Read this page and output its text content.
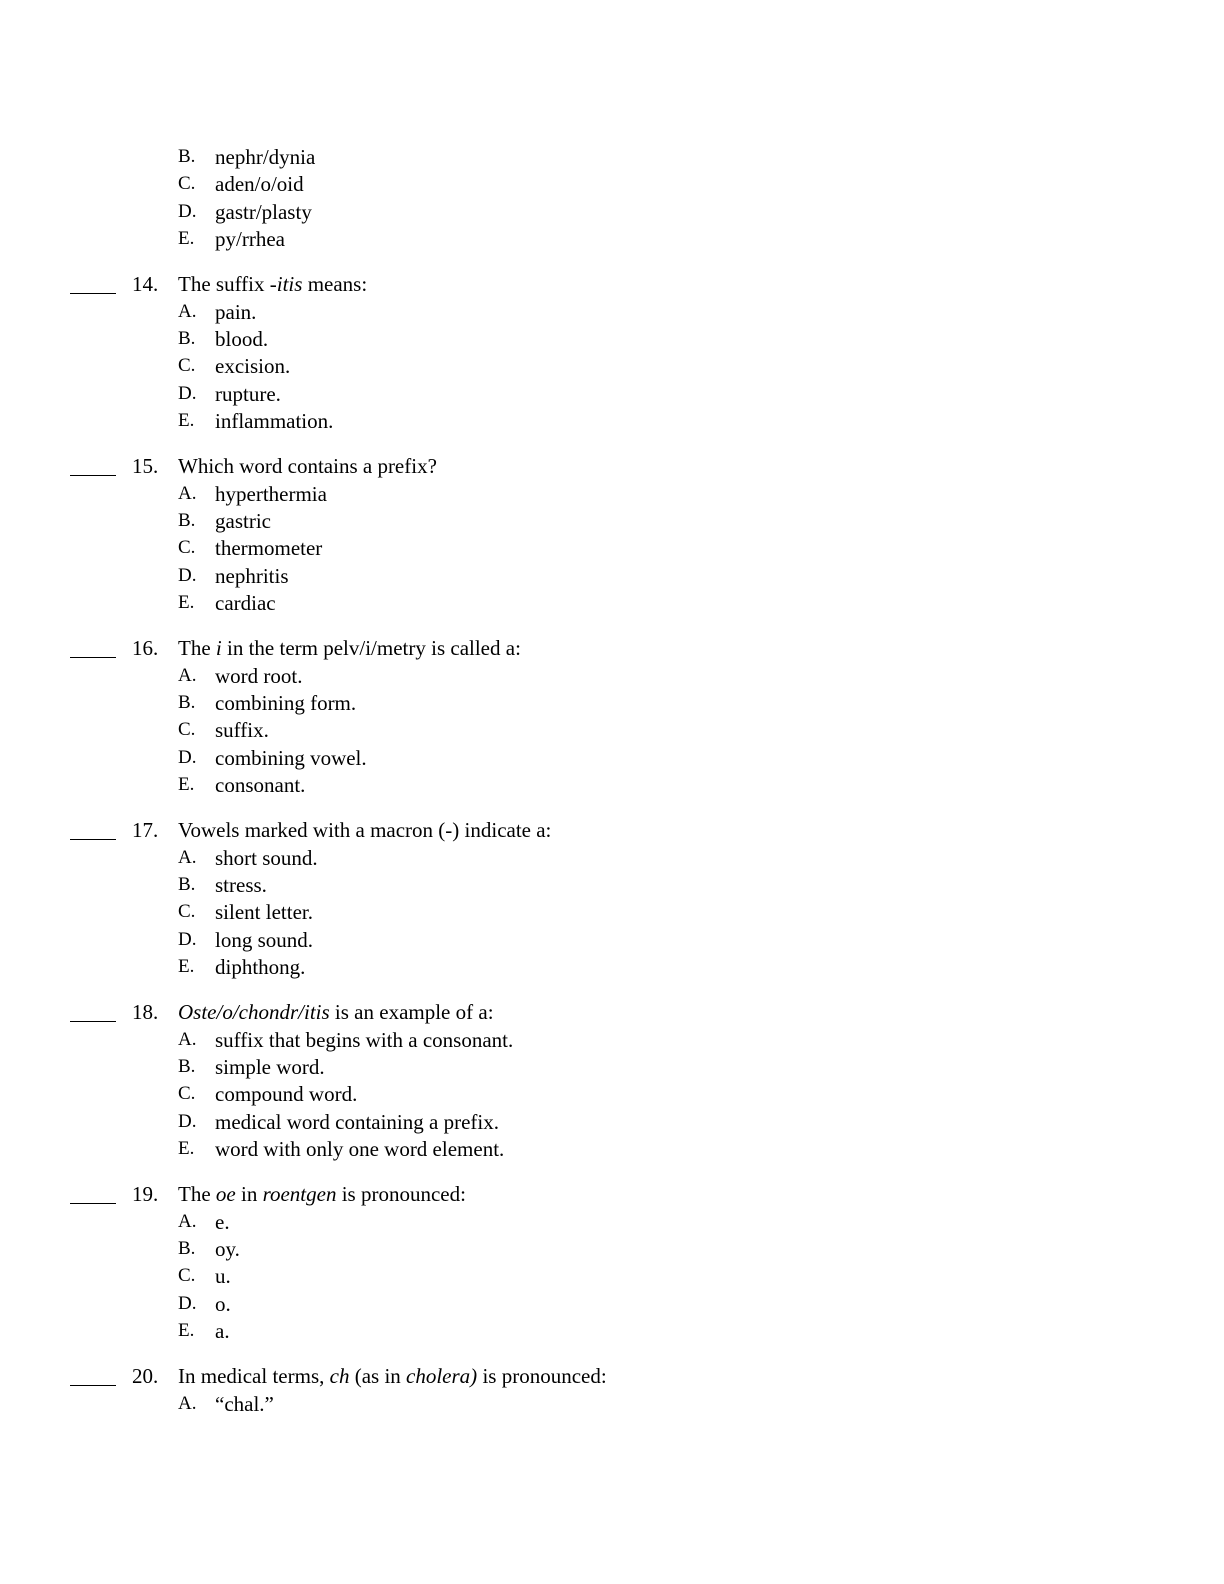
B. nephr/dynia
C. aden/o/oid
D. gastr/plasty
E. py/rrhea
14. The suffix -itis means:
A. pain.
B. blood.
C. excision.
D. rupture.
E. inflammation.
15. Which word contains a prefix?
A. hyperthermia
B. gastric
C. thermometer
D. nephritis
E. cardiac
16. The i in the term pelv/i/metry is called a:
A. word root.
B. combining form.
C. suffix.
D. combining vowel.
E. consonant.
17. Vowels marked with a macron (-) indicate a:
A. short sound.
B. stress.
C. silent letter.
D. long sound.
E. diphthong.
18. Oste/o/chondr/itis is an example of a:
A. suffix that begins with a consonant.
B. simple word.
C. compound word.
D. medical word containing a prefix.
E. word with only one word element.
19. The oe in roentgen is pronounced:
A. e.
B. oy.
C. u.
D. o.
E. a.
20. In medical terms, ch (as in cholera) is pronounced:
A. “chal.”
